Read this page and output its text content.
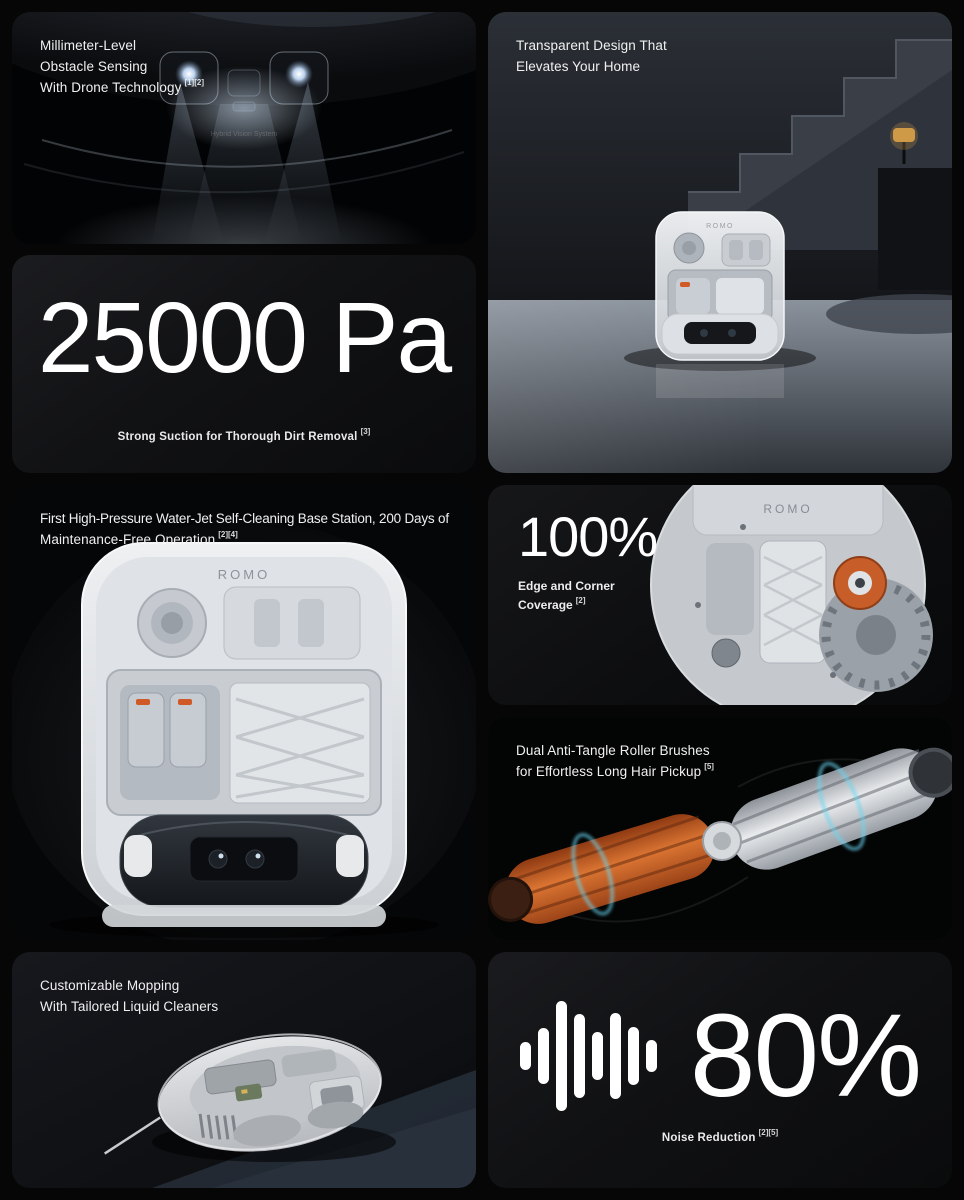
Hybrid Vision System
Millimeter-Level
Obstacle Sensing
With Drone Technology [1][2]
25000 Pa
Strong Suction for Thorough Dirt Removal [3]
ROMO
Transparent Design That
Elevates Your Home
ROMO
First High-Pressure Water-Jet Self-Cleaning Base Station, 200 Days of
Maintenance-Free Operation [2][4]
ROMO
100%
Edge and Corner
Coverage [2]
Dual Anti-Tangle Roller Brushes
for Effortless Long Hair Pickup [5]
Customizable Mopping
With Tailored Liquid Cleaners	80%
Noise Reduction [2][5]
